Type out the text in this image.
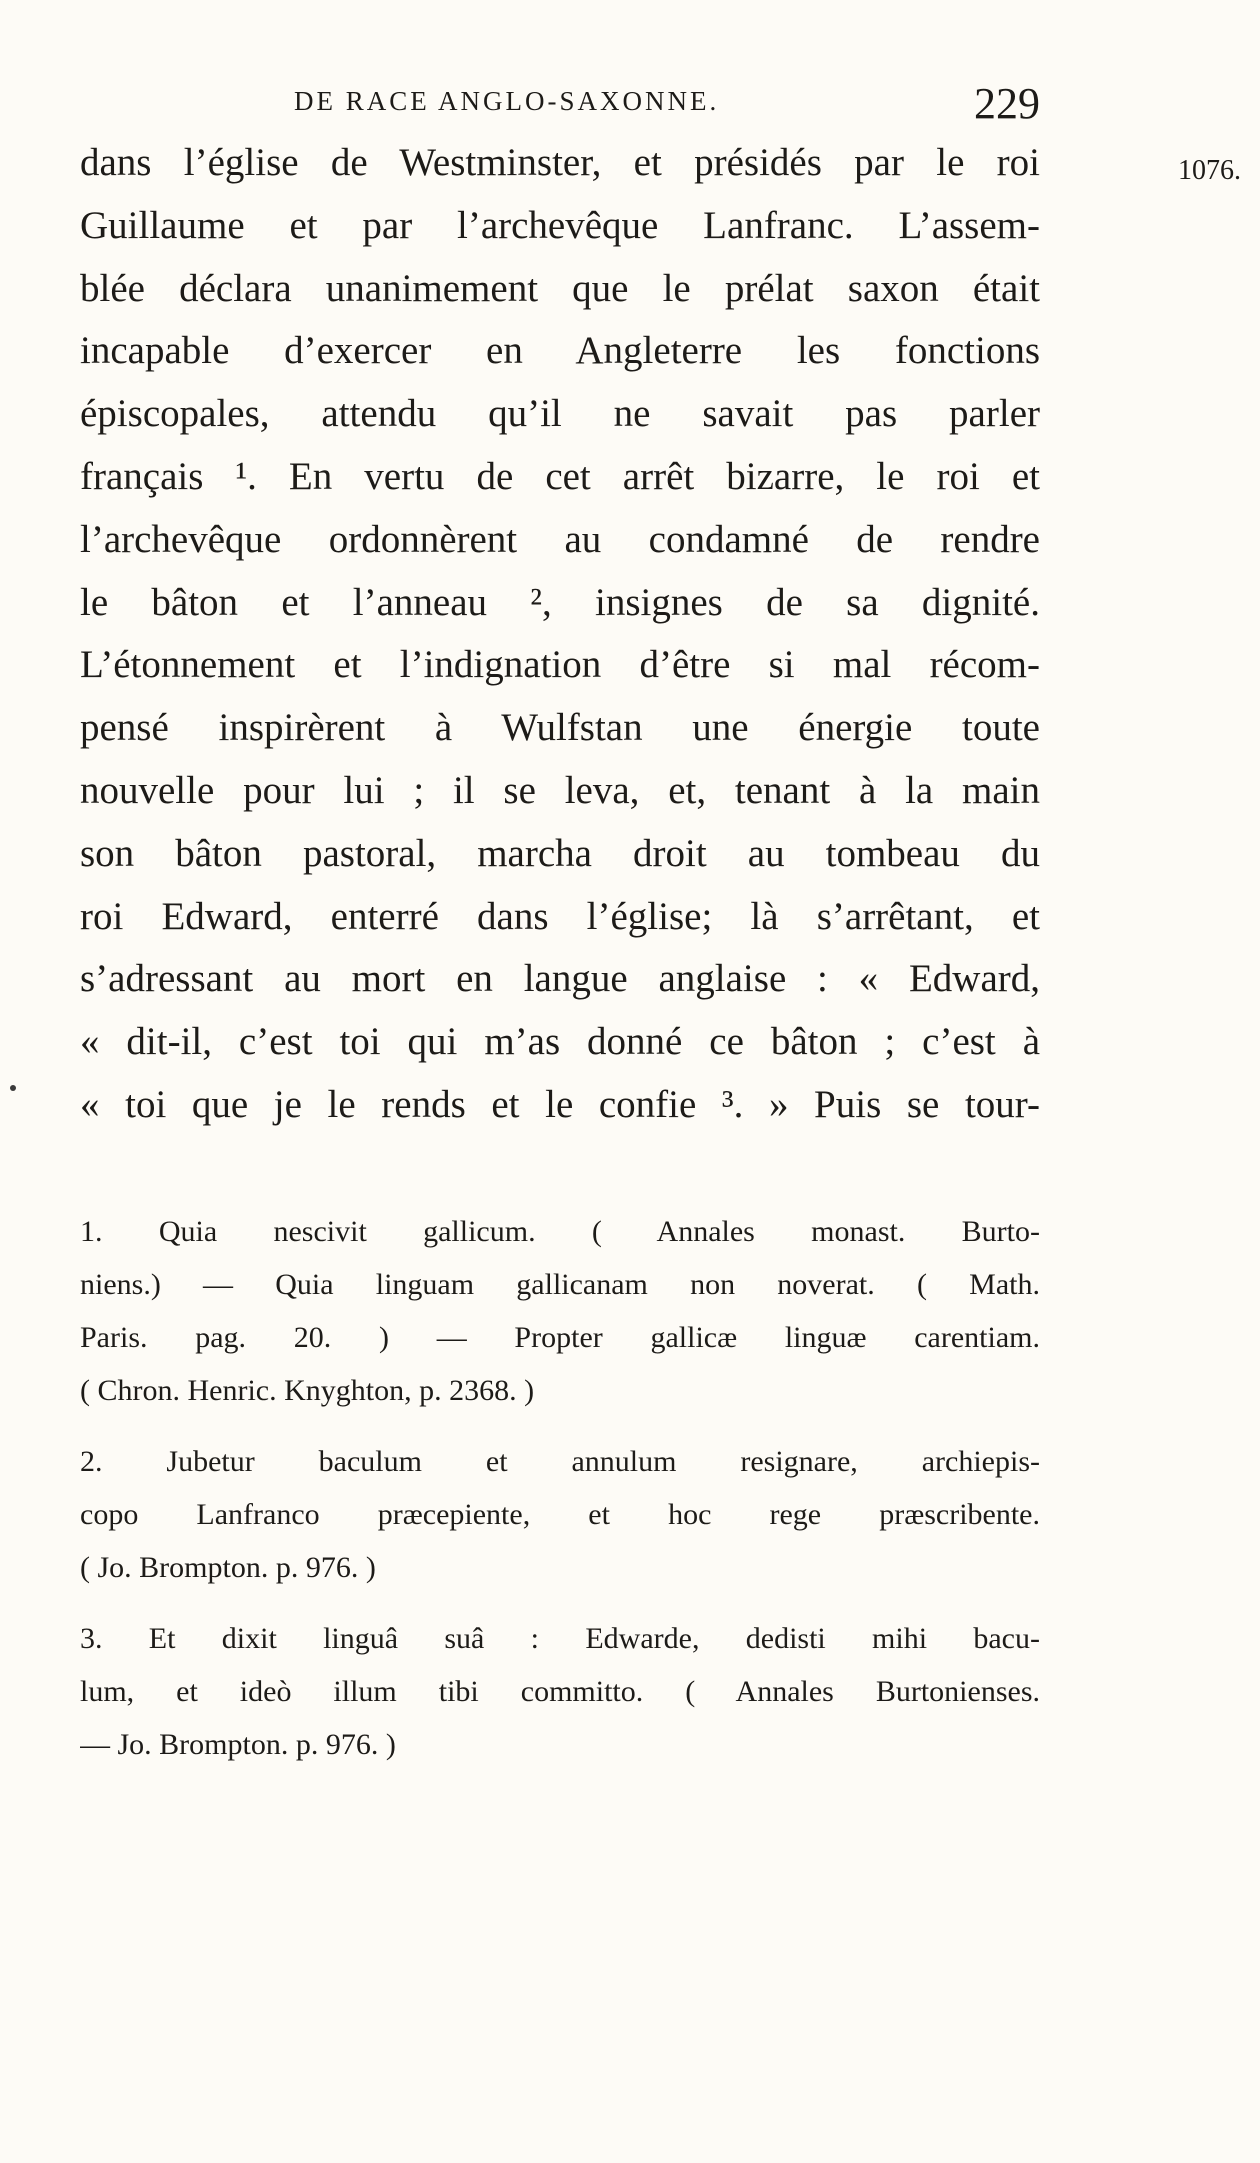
DE RACE ANGLO-SAXONNE.	229
1076.
dans l’église de Westminster, et présidés par le roi
Guillaume et par l’archevêque Lanfranc. L’assem-
blée déclara unanimement que le prélat saxon était
incapable d’exercer en Angleterre les fonctions
épiscopales, attendu qu’il ne savait pas parler
français ¹. En vertu de cet arrêt bizarre, le roi et
l’archevêque ordonnèrent au condamné de rendre
le bâton et l’anneau ², insignes de sa dignité.
L’étonnement et l’indignation d’être si mal récom-
pensé inspirèrent à Wulfstan une énergie toute
nouvelle pour lui ; il se leva, et, tenant à la main
son bâton pastoral, marcha droit au tombeau du
roi Edward, enterré dans l’église; là s’arrêtant, et
s’adressant au mort en langue anglaise : « Edward,
« dit-il, c’est toi qui m’as donné ce bâton ; c’est à
« toi que je le rends et le confie ³. » Puis se tour-
1. Quia nescivit gallicum. ( Annales monast. Burto-
niens.) — Quia linguam gallicanam non noverat. ( Math.
Paris. pag. 20. ) — Propter gallicæ linguæ carentiam.
( Chron. Henric. Knyghton, p. 2368. )
2. Jubetur baculum et annulum resignare, archiepis-
copo Lanfranco præcepiente, et hoc rege præscribente.
( Jo. Brompton. p. 976. )
3. Et dixit linguâ suâ : Edwarde, dedisti mihi bacu-
lum, et ideò illum tibi committo. ( Annales Burtonienses.
— Jo. Brompton. p. 976. )
